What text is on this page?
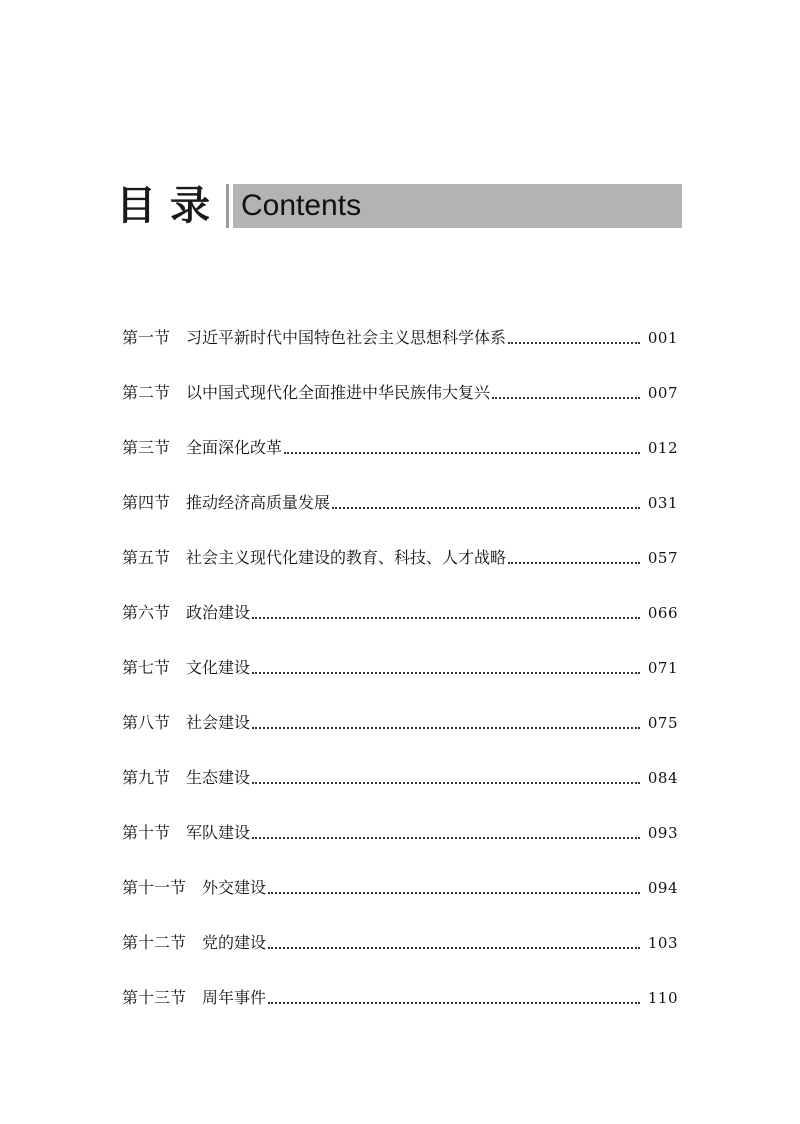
目录 Contents
第一节 习近平新时代中国特色社会主义思想科学体系	001
第二节 以中国式现代化全面推进中华民族伟大复兴	007
第三节 全面深化改革	012
第四节 推动经济高质量发展	031
第五节 社会主义现代化建设的教育、科技、人才战略	057
第六节 政治建设	066
第七节 文化建设	071
第八节 社会建设	075
第九节 生态建设	084
第十节 军队建设	093
第十一节 外交建设	094
第十二节 党的建设	103
第十三节 周年事件	110
